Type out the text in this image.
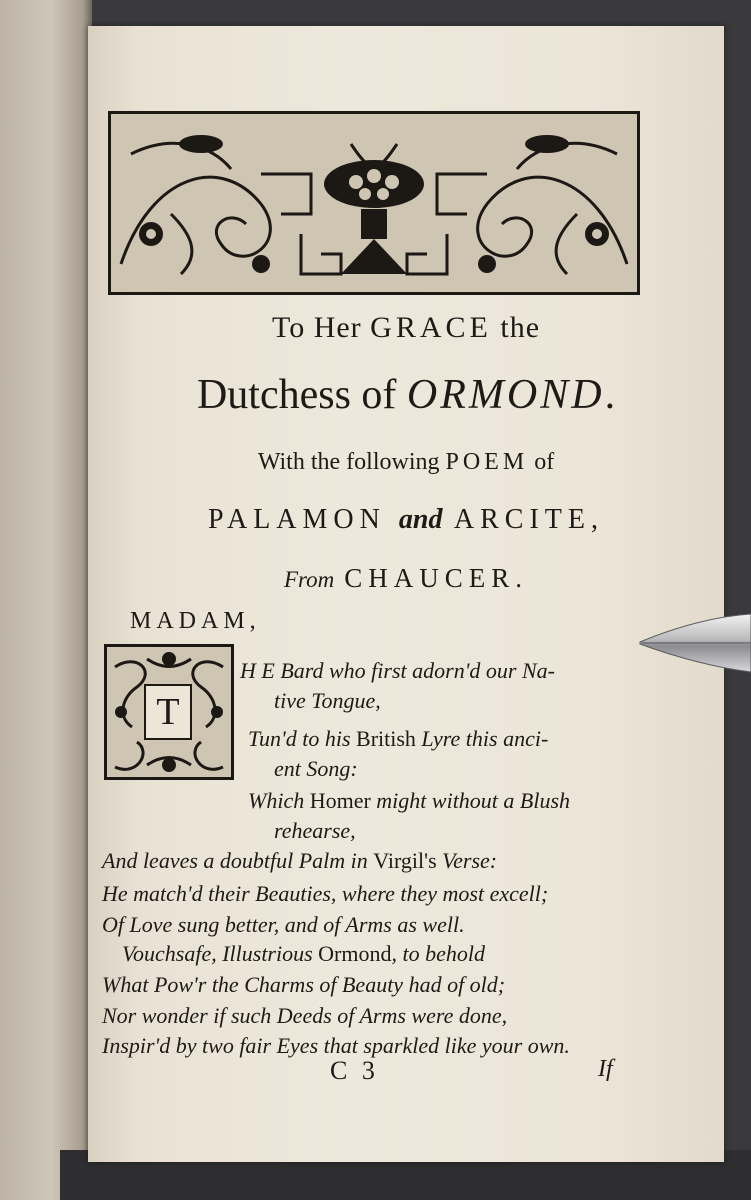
To Her GRACE the
Dutchess of ORMOND.
With the following POEM of
PALAMON and ARCITE,
From CHAUCER.
MADAM,
T
H E Bard who first adorn'd our Na-
tive Tongue,
Tun'd to his British Lyre this anci-
ent Song:
Which Homer might without a Blush
rehearse,
And leaves a doubtful Palm in Virgil's Verse:
He match'd their Beauties, where they most excell;
Of Love sung better, and of Arms as well.
Vouchsafe, Illustrious Ormond, to behold
What Pow'r the Charms of Beauty had of old;
Nor wonder if such Deeds of Arms were done,
Inspir'd by two fair Eyes that sparkled like your own.
C 3	If
